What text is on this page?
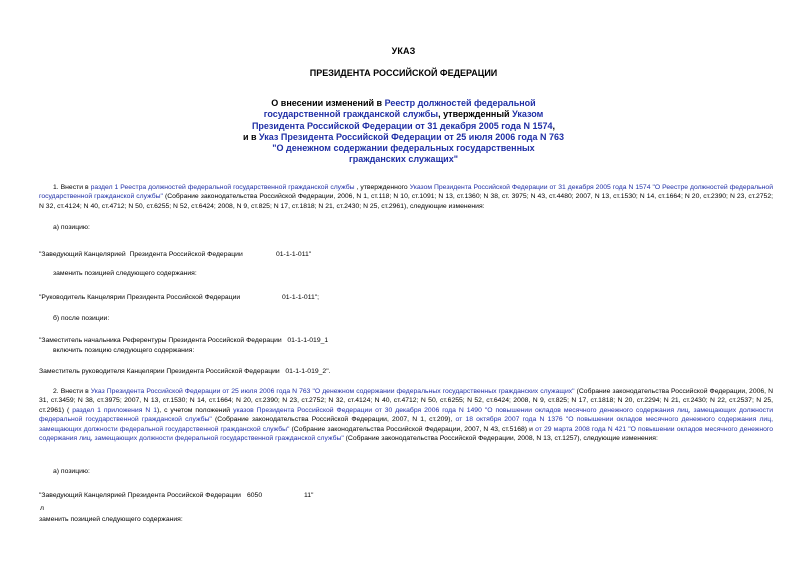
УКАЗ
ПРЕЗИДЕНТА РОССИЙСКОЙ ФЕДЕРАЦИИ
О внесении изменений в Реестр должностей федеральной
государственной гражданской службы, утвержденный Указом
Президента Российской Федерации от 31 декабря 2005 года N 1574,
и в Указ Президента Российской Федерации от 25 июля 2006 года N 763
"О денежном содержании федеральных государственных
гражданских служащих"
1. Внести в раздел 1 Реестра должностей федеральной государственной гражданской службы , утвержденного Указом Президента Российской Федерации от 31 декабря 2005 года N 1574 "О Реестре должностей федеральной государственной гражданской службы" (Собрание законодательства Российской Федерации, 2006, N 1, ст.118; N 10, ст.1091; N 13, ст.1360; N 38, ст. 3975; N 43, ст.4480; 2007, N 13, ст.1530; N 14, ст.1664; N 20, ст.2390; N 23, ст.2752; N 32, ст.4124; N 40, ст.4712; N 50, ст.6255; N 52, ст.6424; 2008, N 9, ст.825; N 17, ст.1818; N 21, ст.2430; N 25, ст.2961), следующие изменения:
а) позицию:
"Заведующий Канцелярией  Президента Российской Федерации	01-1-1-011"
заменить позицией следующего содержания:
"Руководитель Канцелярии Президента Российской Федерации	01-1-1-011";
б) после позиции:
"Заместитель начальника Референтуры Президента Российской Федерации   01-1-1-019_1
включить позицию следующего содержания:
Заместитель руководителя Канцелярии Президента Российской Федерации   01-1-1-019_2".
2. Внести в Указ Президента Российской Федерации от 25 июля 2006 года N 763 "О денежном содержании федеральных государственных гражданских служащих" (Собрание законодательства Российской Федерации, 2006, N 31, ст.3459; N 38, ст.3975; 2007, N 13, ст.1530; N 14, ст.1664; N 20, ст.2390; N 23, ст.2752; N 32, ст.4124; N 40, ст.4712; N 50, ст.6255; N 52, ст.6424; 2008, N 9, ст.825; N 17, ст.1818; N 20, ст.2294; N 21, ст.2430; N 22, ст.2537; N 25, ст.2961) ( раздел 1 приложения N 1), с учетом положений указов Президента Российской Федерации от 30 декабря 2006 года N 1490 "О повышении окладов месячного денежного содержания лиц, замещающих должности федеральной государственной гражданской службы" (Собрание законодательства Российской Федерации, 2007, N 1, ст.209), от 18 октября 2007 года N 1376 "О повышении окладов месячного денежного содержания лиц, замещающих должности федеральной государственной гражданской службы" (Собрание законодательства Российской Федерации, 2007, N 43, ст.5168) и от 29 марта 2008 года N 421 "О повышении окладов месячного денежного содержания лиц, замещающих должности федеральной государственной гражданской службы" (Собрание законодательства Российской Федерации, 2008, N 13, ст.1257), следующие изменения:
а) позицию:
"Заведующий Канцелярией Президента Российской Федерации 6050	11"
л
заменить позицией следующего содержания:
